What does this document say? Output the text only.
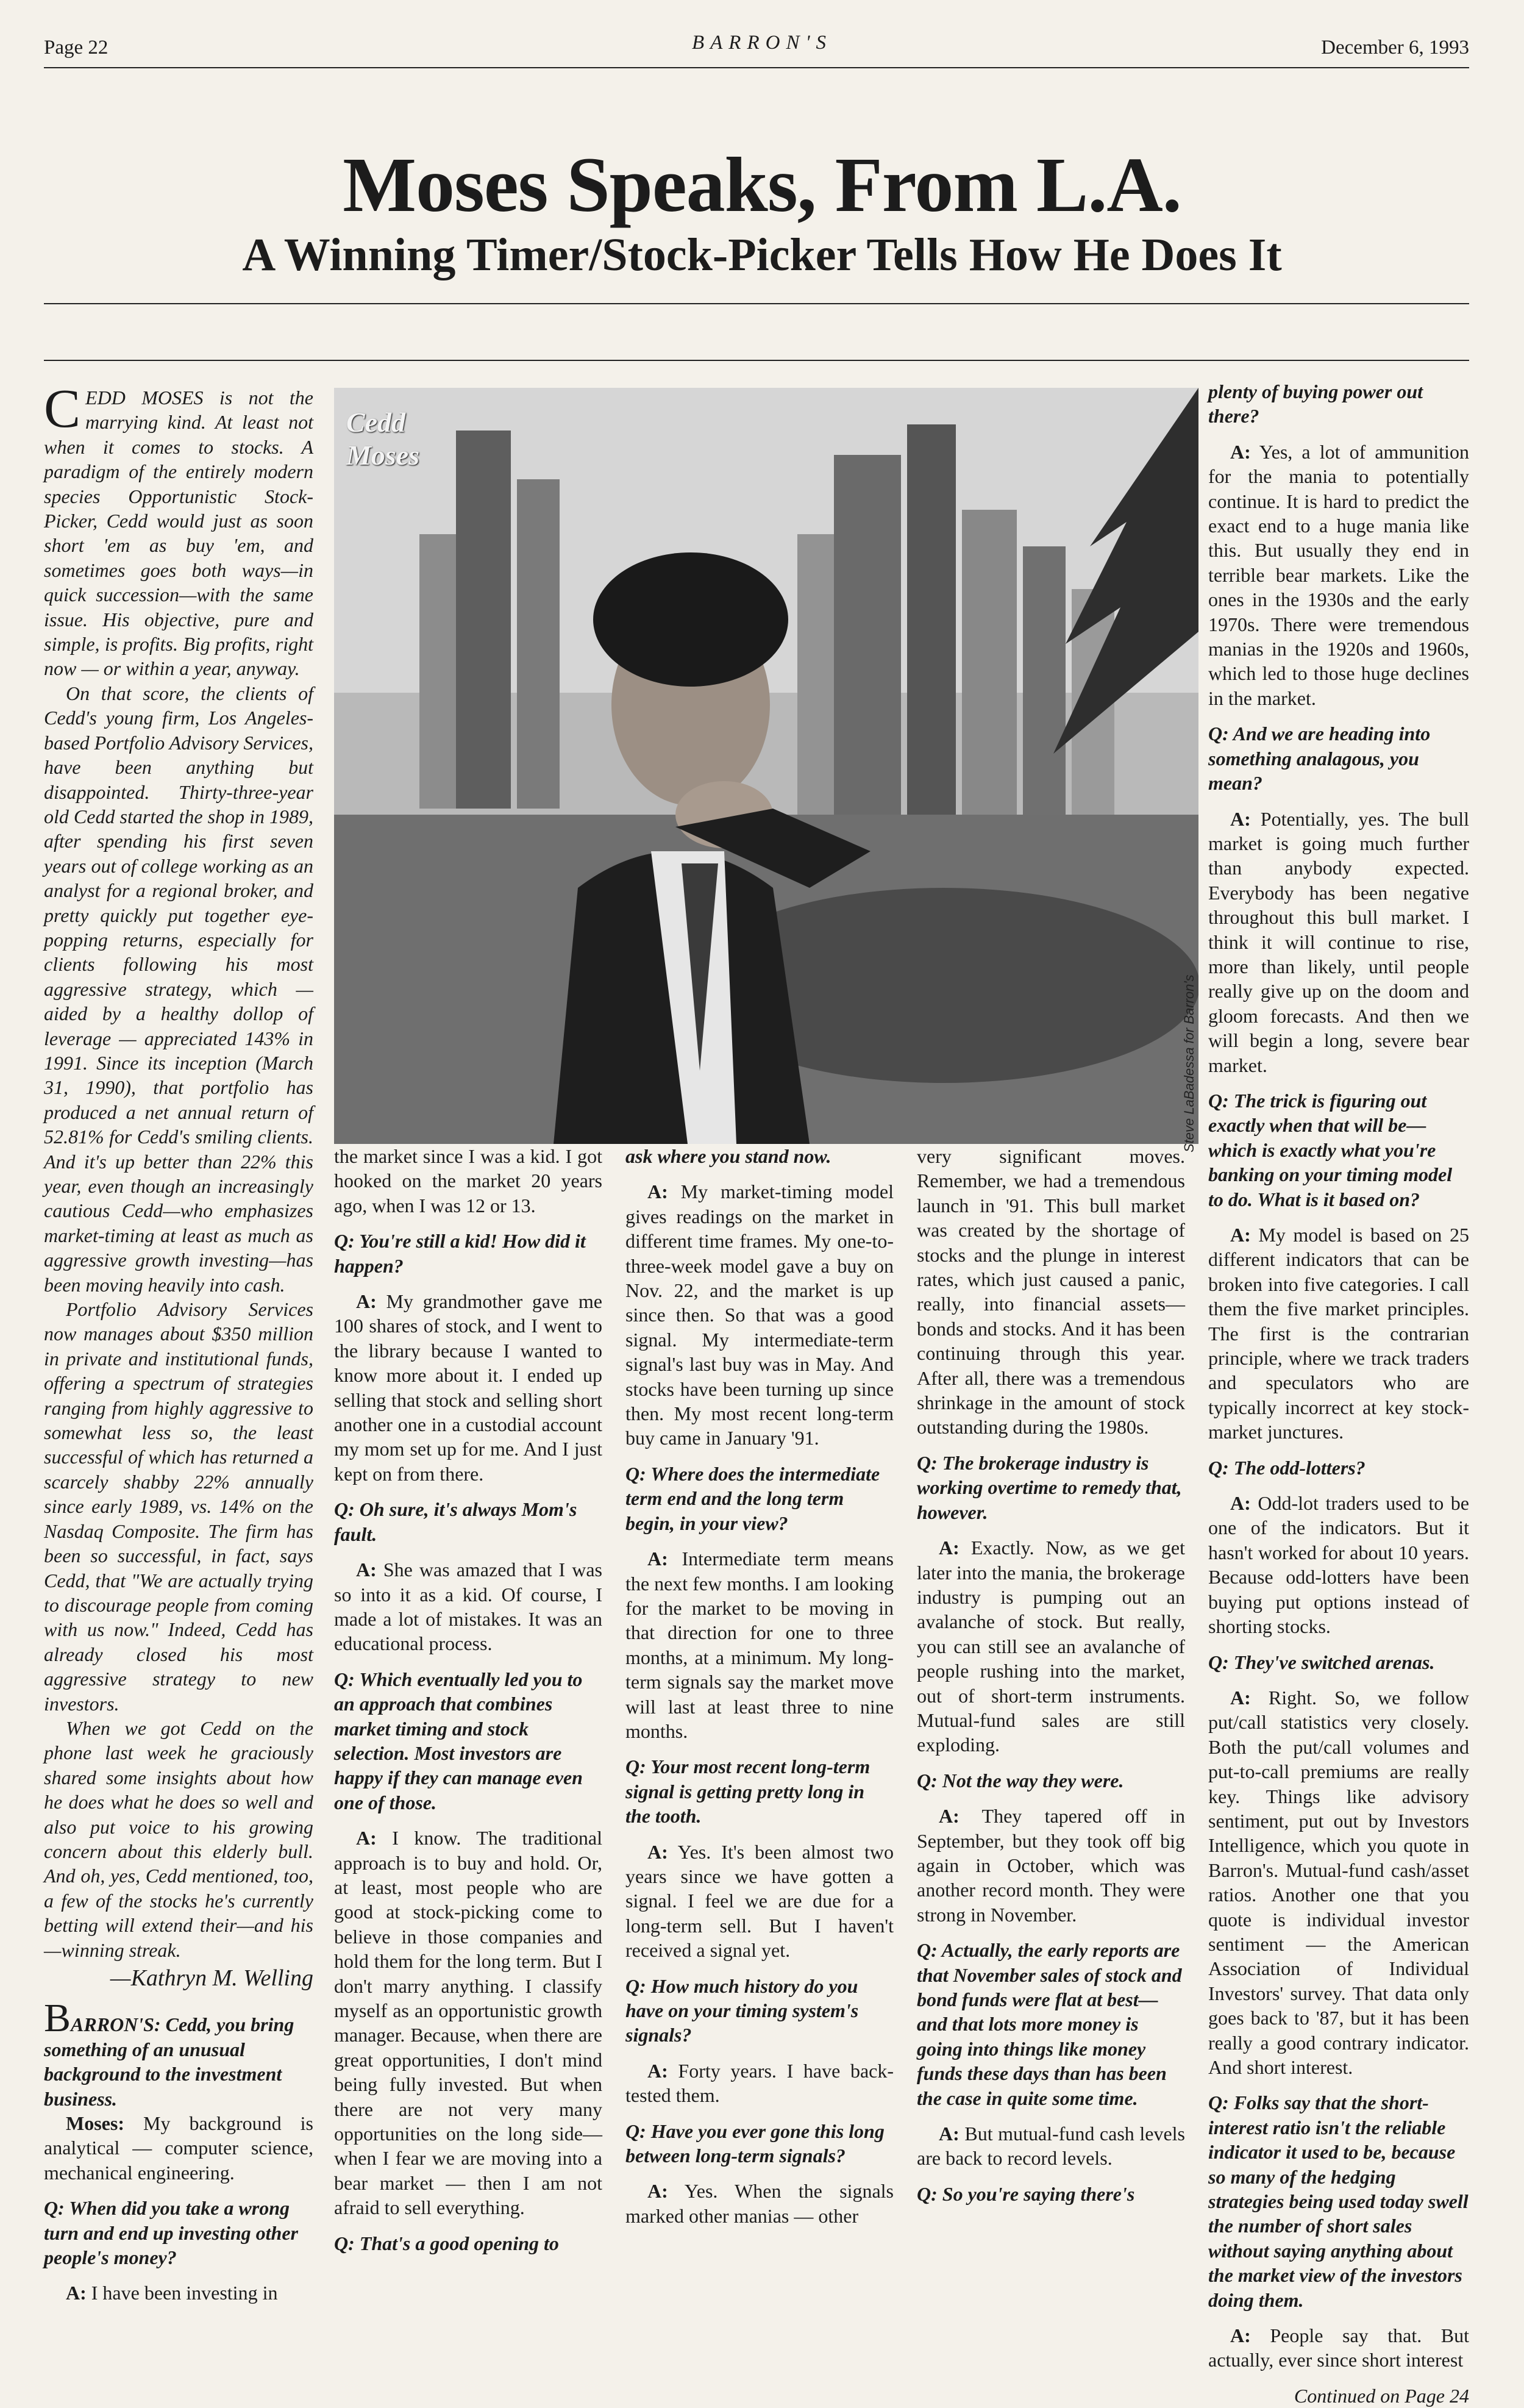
Page 22	BARRON'S	December 6, 1993
Moses Speaks, From L.A.
A Winning Timer/Stock-Picker Tells How He Does It

CEDD MOSES is not the marrying kind. At least not when it comes to stocks. A paradigm of the entirely modern species Opportunistic Stock-Picker, Cedd would just as soon short 'em as buy 'em, and sometimes goes both ways—in quick succession—with the same issue. His objective, pure and simple, is profits. Big profits, right now — or within a year, anyway.

On that score, the clients of Cedd's young firm, Los Angeles-based Portfolio Advisory Services, have been anything but disappointed. Thirty-three-year old Cedd started the shop in 1989, after spending his first seven years out of college working as an analyst for a regional broker, and pretty quickly put together eye-popping returns, especially for clients following his most aggressive strategy, which — aided by a healthy dollop of leverage — appreciated 143% in 1991. Since its inception (March 31, 1990), that portfolio has produced a net annual return of 52.81% for Cedd's smiling clients. And it's up better than 22% this year, even though an increasingly cautious Cedd—who emphasizes market-timing at least as much as aggressive growth investing—has been moving heavily into cash.

Portfolio Advisory Services now manages about $350 million in private and institutional funds, offering a spectrum of strategies ranging from highly aggressive to somewhat less so, the least successful of which has returned a scarcely shabby 22% annually since early 1989, vs. 14% on the Nasdaq Composite. The firm has been so successful, in fact, says Cedd, that "We are actually trying to discourage people from coming with us now." Indeed, Cedd has already closed his most aggressive strategy to new investors.

When we got Cedd on the phone last week he graciously shared some insights about how he does what he does so well and also put voice to his growing concern about this elderly bull. And oh, yes, Cedd mentioned, too, a few of the stocks he's currently betting will extend their—and his—winning streak.

—Kathryn M. Welling

BARRON'S: Cedd, you bring something of an unusual background to the investment business.

Moses: My background is analytical — computer science, mechanical engineering.

Q: When did you take a wrong turn and end up investing other people's money?

A: I have been investing in

Cedd
Moses
Steve LaBadessa for Barron's

the market since I was a kid. I got hooked on the market 20 years ago, when I was 12 or 13.

Q: You're still a kid! How did it happen?

A: My grandmother gave me 100 shares of stock, and I went to the library because I wanted to know more about it. I ended up selling that stock and selling short another one in a custodial account my mom set up for me. And I just kept on from there.

Q: Oh sure, it's always Mom's fault.

A: She was amazed that I was so into it as a kid. Of course, I made a lot of mistakes. It was an educational process.

Q: Which eventually led you to an approach that combines market timing and stock selection. Most investors are happy if they can manage even one of those.

A: I know. The traditional approach is to buy and hold. Or, at least, most people who are good at stock-picking come to believe in those companies and hold them for the long term. But I don't marry anything. I classify myself as an opportunistic growth manager. Because, when there are great opportunities, I don't mind being fully invested. But when there are not very many opportunities on the long side—when I fear we are moving into a bear market — then I am not afraid to sell everything.

Q: That's a good opening to

ask where you stand now.

A: My market-timing model gives readings on the market in different time frames. My one-to- three-week model gave a buy on Nov. 22, and the market is up since then. So that was a good signal. My intermediate-term signal's last buy was in May. And stocks have been turning up since then. My most recent long-term buy came in January '91.

Q: Where does the intermediate term end and the long term begin, in your view?

A: Intermediate term means the next few months. I am looking for the market to be moving in that direction for one to three months, at a minimum. My long-term signals say the market move will last at least three to nine months.

Q: Your most recent long-term signal is getting pretty long in the tooth.

A: Yes. It's been almost two years since we have gotten a signal. I feel we are due for a long-term sell. But I haven't received a signal yet.

Q: How much history do you have on your timing system's signals?

A: Forty years. I have back-tested them.

Q: Have you ever gone this long between long-term signals?

A: Yes. When the signals marked other manias — other

very significant moves. Remember, we had a tremendous launch in '91. This bull market was created by the shortage of stocks and the plunge in interest rates, which just caused a panic, really, into financial assets—bonds and stocks. And it has been continuing through this year. After all, there was a tremendous shrinkage in the amount of stock outstanding during the 1980s.

Q: The brokerage industry is working overtime to remedy that, however.

A: Exactly. Now, as we get later into the mania, the brokerage industry is pumping out an avalanche of stock. But really, you can still see an avalanche of people rushing into the market, out of short-term instruments. Mutual-fund sales are still exploding.

Q: Not the way they were.

A: They tapered off in September, but they took off big again in October, which was another record month. They were strong in November.

Q: Actually, the early reports are that November sales of stock and bond funds were flat at best—and that lots more money is going into things like money funds these days than has been the case in quite some time.

A: But mutual-fund cash levels are back to record levels.

Q: So you're saying there's

plenty of buying power out there?

A: Yes, a lot of ammunition for the mania to potentially continue. It is hard to predict the exact end to a huge mania like this. But usually they end in terrible bear markets. Like the ones in the 1930s and the early 1970s. There were tremendous manias in the 1920s and 1960s, which led to those huge declines in the market.

Q: And we are heading into something analagous, you mean?

A: Potentially, yes. The bull market is going much further than anybody expected. Everybody has been negative throughout this bull market. I think it will continue to rise, more than likely, until people really give up on the doom and gloom forecasts. And then we will begin a long, severe bear market.

Q: The trick is figuring out exactly when that will be—which is exactly what you're banking on your timing model to do. What is it based on?

A: My model is based on 25 different indicators that can be broken into five categories. I call them the five market principles. The first is the contrarian principle, where we track traders and speculators who are typically incorrect at key stock-market junctures.

Q: The odd-lotters?

A: Odd-lot traders used to be one of the indicators. But it hasn't worked for about 10 years. Because odd-lotters have been buying put options instead of shorting stocks.

Q: They've switched arenas.

A: Right. So, we follow put/call statistics very closely. Both the put/call volumes and put-to-call premiums are really key. Things like advisory sentiment, put out by Investors Intelligence, which you quote in Barron's. Mutual-fund cash/asset ratios. Another one that you quote is individual investor sentiment — the American Association of Individual Investors' survey. That data only goes back to '87, but it has been really a good contrary indicator. And short interest.

Q: Folks say that the short-interest ratio isn't the reliable indicator it used to be, because so many of the hedging strategies being used today swell the number of short sales without saying anything about the market view of the investors doing them.

A: People say that. But actually, ever since short interest

Continued on Page 24
